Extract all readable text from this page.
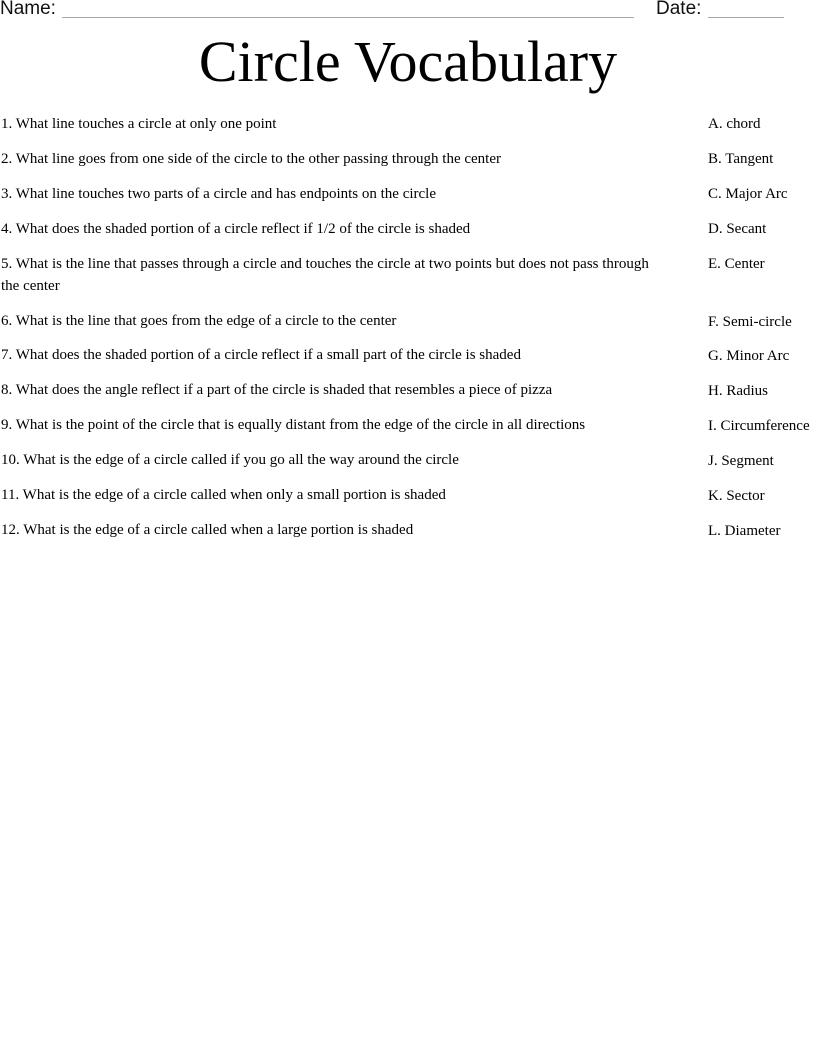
Name:	Date:
Circle Vocabulary
1. What line touches a circle at only one point
2. What line goes from one side of the circle to the other passing through the center
3. What line touches two parts of a circle and has endpoints on the circle
4. What does the shaded portion of a circle reflect if 1/2 of the circle is shaded
5. What is the line that passes through a circle and touches the circle at two points but does not pass through the center
6. What is the line that goes from the edge of a circle to the center
7. What does the shaded portion of a circle reflect if a small part of the circle is shaded
8. What does the angle reflect if a part of the circle is shaded that resembles a piece of pizza
9. What is the point of the circle that is equally distant from the edge of the circle in all directions
10. What is the edge of a circle called if you go all the way around the circle
11. What is the edge of a circle called when only a small portion is shaded
12. What is the edge of a circle called when a large portion is shaded
A. chord
B. Tangent
C. Major Arc
D. Secant
E. Center
F. Semi-circle
G. Minor Arc
H. Radius
I. Circumference
J. Segment
K. Sector
L. Diameter
